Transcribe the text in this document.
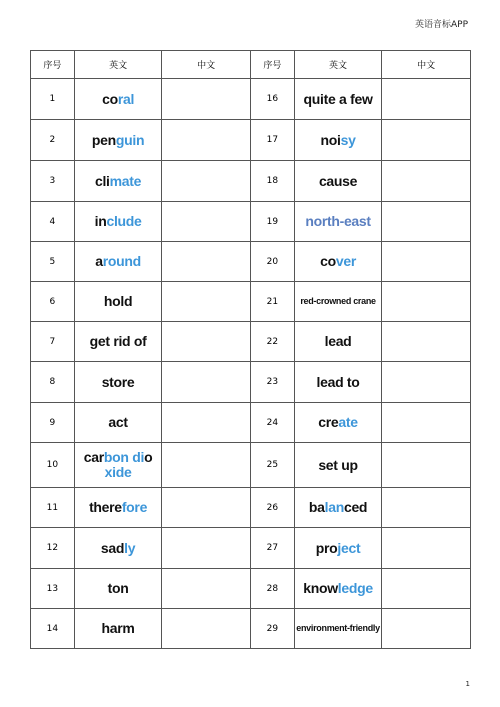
英语音标APP
序号	英文	中文	序号	英文	中文
1	coral		16	quite a few	
2	penguin		17	noisy	
3	climate		18	cause	
4	include		19	north-east	
5	around		20	cover	
6	hold		21	red-crowned crane	
7	get rid of		22	lead	
8	store		23	lead to	
9	act		24	create	
10	carbon dio
xide		25	set up	
11	therefore		26	balanced	
12	sadly		27	project	
13	ton		28	knowledge	
14	harm		29	environment-friendly	
1
